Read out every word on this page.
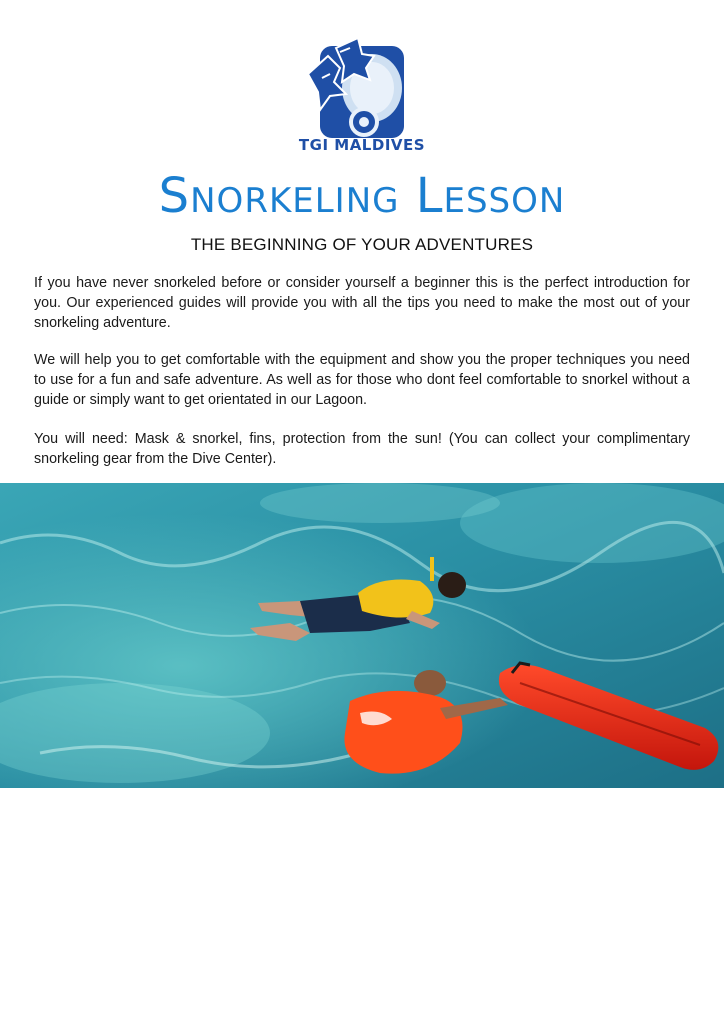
TGI MALDIVES
Snorkeling Lesson
THE BEGINNING OF YOUR ADVENTURES

If you have never snorkeled before or consider yourself a beginner this is the perfect introduction for you. Our experienced guides will provide you with all the tips you need to make the most out of your snorkeling adventure.

We will help you to get comfortable with the equipment and show you the proper techniques you need to use for a fun and safe adventure. As well as for those who dont feel comfortable to snorkel without a guide or simply want to get orientated in our Lagoon.

You will need: Mask & snorkel, fins, protection from the sun! (You can collect your complimentary snorkeling gear from the Dive Center).
